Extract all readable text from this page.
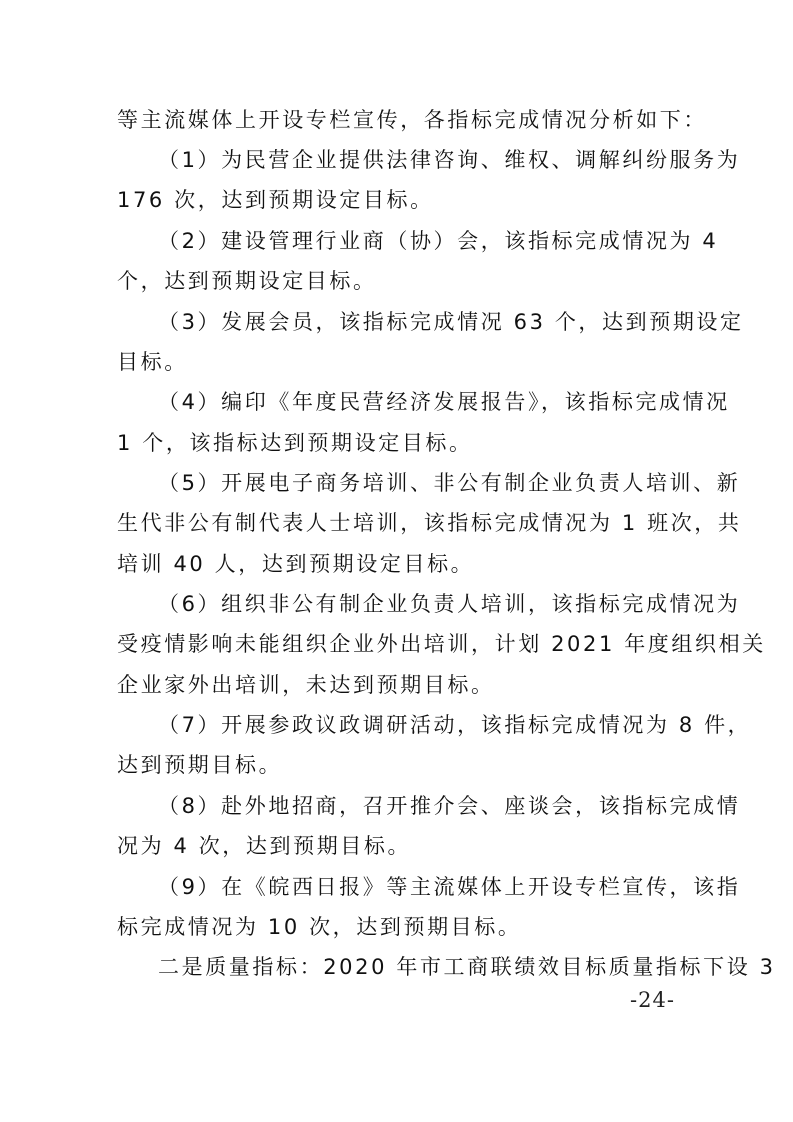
等主流媒体上开设专栏宣传，各指标完成情况分析如下：
（1）为民营企业提供法律咨询、维权、调解纠纷服务为
176 次，达到预期设定目标。
（2）建设管理行业商（协）会，该指标完成情况为 4
个，达到预期设定目标。
（3）发展会员，该指标完成情况 63 个，达到预期设定
目标。
（4）编印《年度民营经济发展报告》，该指标完成情况
1 个，该指标达到预期设定目标。
（5）开展电子商务培训、非公有制企业负责人培训、新
生代非公有制代表人士培训，该指标完成情况为 1 班次，共
培训 40 人，达到预期设定目标。
（6）组织非公有制企业负责人培训，该指标完成情况为
受疫情影响未能组织企业外出培训，计划 2021 年度组织相关
企业家外出培训，未达到预期目标。
（7）开展参政议政调研活动，该指标完成情况为 8 件，
达到预期目标。
（8）赴外地招商，召开推介会、座谈会，该指标完成情
况为 4 次，达到预期目标。
（9）在《皖西日报》等主流媒体上开设专栏宣传，该指
标完成情况为 10 次，达到预期目标。
二是质量指标：2020 年市工商联绩效目标质量指标下设 3
-24-
